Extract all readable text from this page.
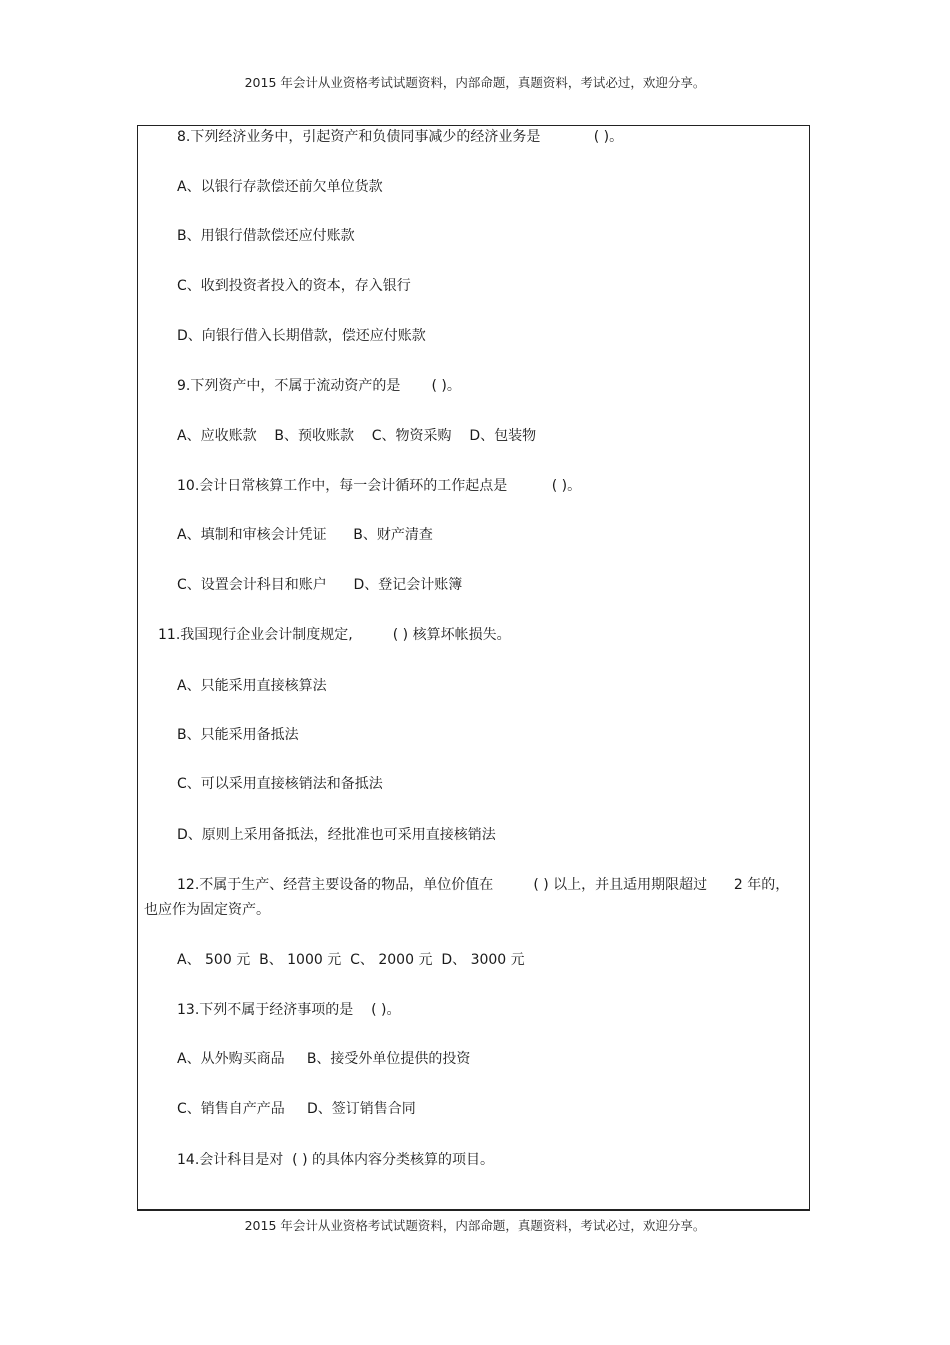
2015 年会计从业资格考试试题资料，内部命题，真题资料，考试必过，欢迎分享。
8.下列经济业务中，引起资产和负债同事减少的经济业务是            ( )。
A、以银行存款偿还前欠单位货款
B、用银行借款偿还应付账款
C、收到投资者投入的资本，存入银行
D、向银行借入长期借款，偿还应付账款
9.下列资产中，不属于流动资产的是       ( )。
A、应收账款    B、预收账款    C、物资采购    D、包装物
10.会计日常核算工作中，每一会计循环的工作起点是          ( )。
A、填制和审核会计凭证      B、财产清查
C、设置会计科目和账户      D、登记会计账簿
11.我国现行企业会计制度规定,         ( ) 核算坏帐损失。
A、只能采用直接核算法
B、只能采用备抵法
C、可以采用直接核销法和备抵法
D、原则上采用备抵法，经批准也可采用直接核销法
12.不属于生产、经营主要设备的物品，单位价值在         ( ) 以上，并且适用期限超过      2 年的，
也应作为固定资产。
A、 500 元  B、 1000 元  C、 2000 元  D、 3000 元
13.下列不属于经济事项的是    ( )。
A、从外购买商品     B、接受外单位提供的投资
C、销售自产产品     D、签订销售合同
14.会计科目是对  ( ) 的具体内容分类核算的项目。
2015 年会计从业资格考试试题资料，内部命题，真题资料，考试必过，欢迎分享。
